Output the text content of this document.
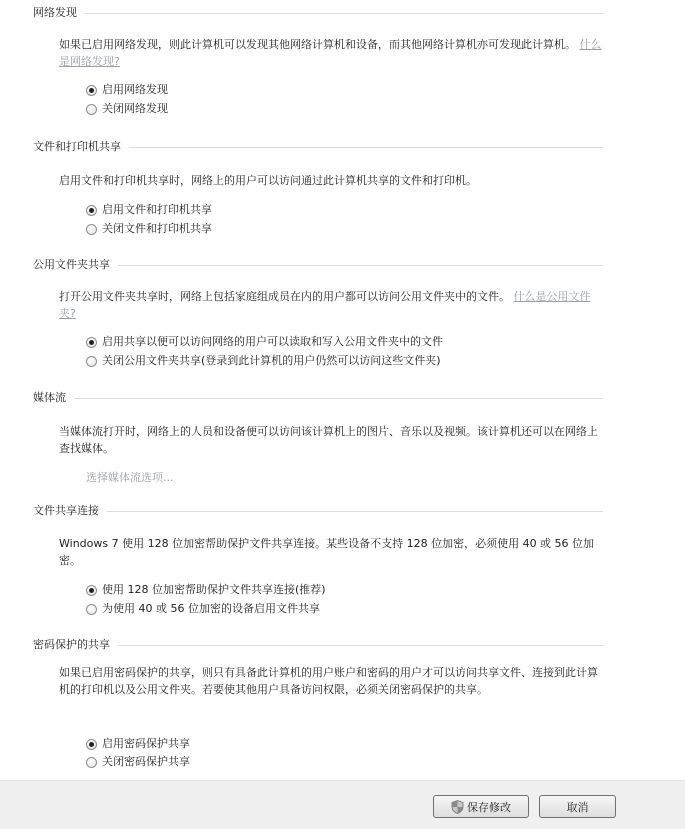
网络发现
如果已启用网络发现，则此计算机可以发现其他网络计算机和设备，而其他网络计算机亦可发现此计算机。 什么是网络发现?
启用网络发现
关闭网络发现
文件和打印机共享
启用文件和打印机共享时，网络上的用户可以访问通过此计算机共享的文件和打印机。
启用文件和打印机共享
关闭文件和打印机共享
公用文件夹共享
打开公用文件夹共享时，网络上包括家庭组成员在内的用户都可以访问公用文件夹中的文件。 什么是公用文件夹?
启用共享以便可以访问网络的用户可以读取和写入公用文件夹中的文件
关闭公用文件夹共享(登录到此计算机的用户仍然可以访问这些文件夹)
媒体流
当媒体流打开时，网络上的人员和设备便可以访问该计算机上的图片、音乐以及视频。该计算机还可以在网络上查找媒体。
选择媒体流选项...
文件共享连接
Windows 7 使用 128 位加密帮助保护文件共享连接。某些设备不支持 128 位加密，必须使用 40 或 56 位加密。
使用 128 位加密帮助保护文件共享连接(推荐)
为使用 40 或 56 位加密的设备启用文件共享
密码保护的共享
如果已启用密码保护的共享，则只有具备此计算机的用户账户和密码的用户才可以访问共享文件、连接到此计算机的打印机以及公用文件夹。若要使其他用户具备访问权限，必须关闭密码保护的共享。
启用密码保护共享
关闭密码保护共享
保存修改	取消
